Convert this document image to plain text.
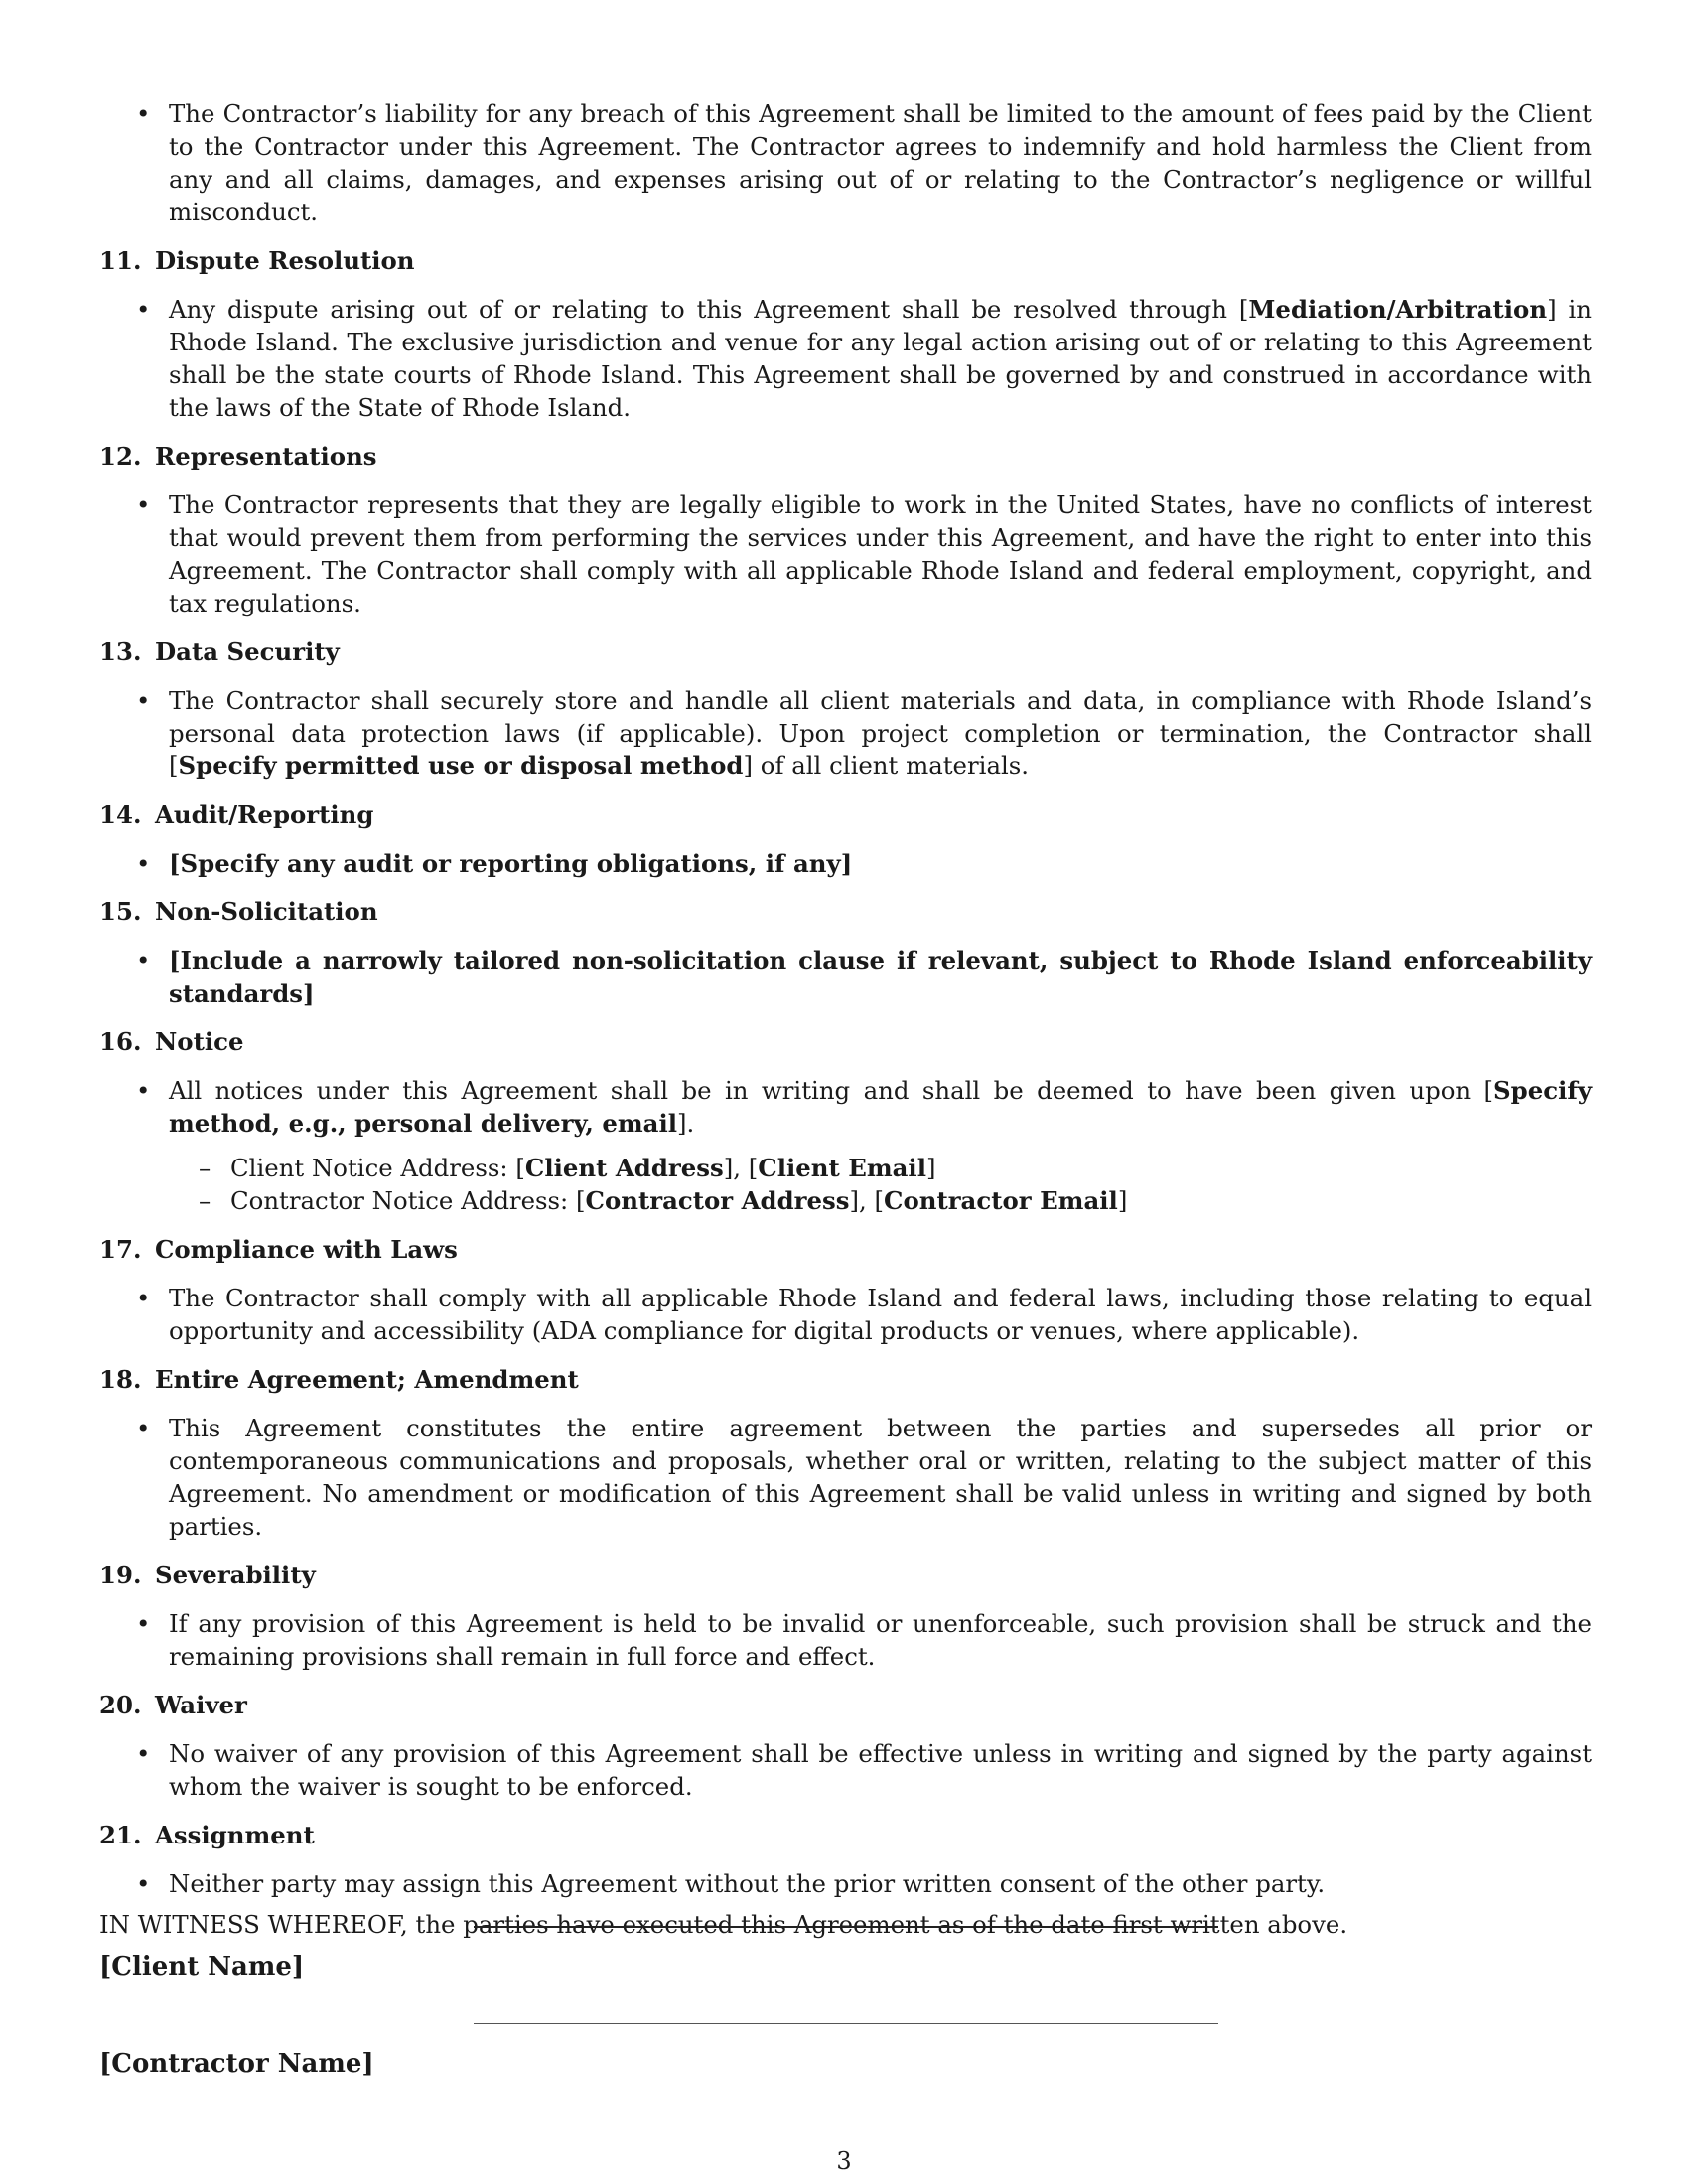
• The Contractor’s liability for any breach of this Agreement shall be limited to the amount of fees paid by the Client to the Contractor under this Agreement. The Contractor agrees to indemnify and hold harmless the Client from any and all claims, damages, and expenses arising out of or relating to the Contractor’s negligence or willful misconduct.
11. Dispute Resolution
• Any dispute arising out of or relating to this Agreement shall be resolved through [Mediation/Arbitration] in Rhode Island. The exclusive jurisdiction and venue for any legal action arising out of or relating to this Agreement shall be the state courts of Rhode Island. This Agreement shall be governed by and construed in accordance with the laws of the State of Rhode Island.
12. Representations
• The Contractor represents that they are legally eligible to work in the United States, have no conflicts of interest that would prevent them from performing the services under this Agreement, and have the right to enter into this Agreement. The Contractor shall comply with all applicable Rhode Island and federal employment, copyright, and tax regulations.
13. Data Security
• The Contractor shall securely store and handle all client materials and data, in compliance with Rhode Island’s personal data protection laws (if applicable). Upon project completion or termination, the Contractor shall [Specify permitted use or disposal method] of all client materials.
14. Audit/Reporting
• [Specify any audit or reporting obligations, if any]
15. Non-Solicitation
• [Include a narrowly tailored non-solicitation clause if relevant, subject to Rhode Island enforceability standards]
16. Notice
• All notices under this Agreement shall be in writing and shall be deemed to have been given upon [Specify method, e.g., personal delivery, email].
– Client Notice Address: [Client Address], [Client Email]
– Contractor Notice Address: [Contractor Address], [Contractor Email]
17. Compliance with Laws
• The Contractor shall comply with all applicable Rhode Island and federal laws, including those relating to equal opportunity and accessibility (ADA compliance for digital products or venues, where applicable).
18. Entire Agreement; Amendment
• This Agreement constitutes the entire agreement between the parties and supersedes all prior or contemporaneous communications and proposals, whether oral or written, relating to the subject matter of this Agreement. No amendment or modification of this Agreement shall be valid unless in writing and signed by both parties.
19. Severability
• If any provision of this Agreement is held to be invalid or unenforceable, such provision shall be struck and the remaining provisions shall remain in full force and effect.
20. Waiver
• No waiver of any provision of this Agreement shall be effective unless in writing and signed by the party against whom the waiver is sought to be enforced.
21. Assignment
• Neither party may assign this Agreement without the prior written consent of the other party.
IN WITNESS WHEREOF, the parties have executed this Agreement as of the date first written above.
[Client Name]
[Contractor Name]
3
